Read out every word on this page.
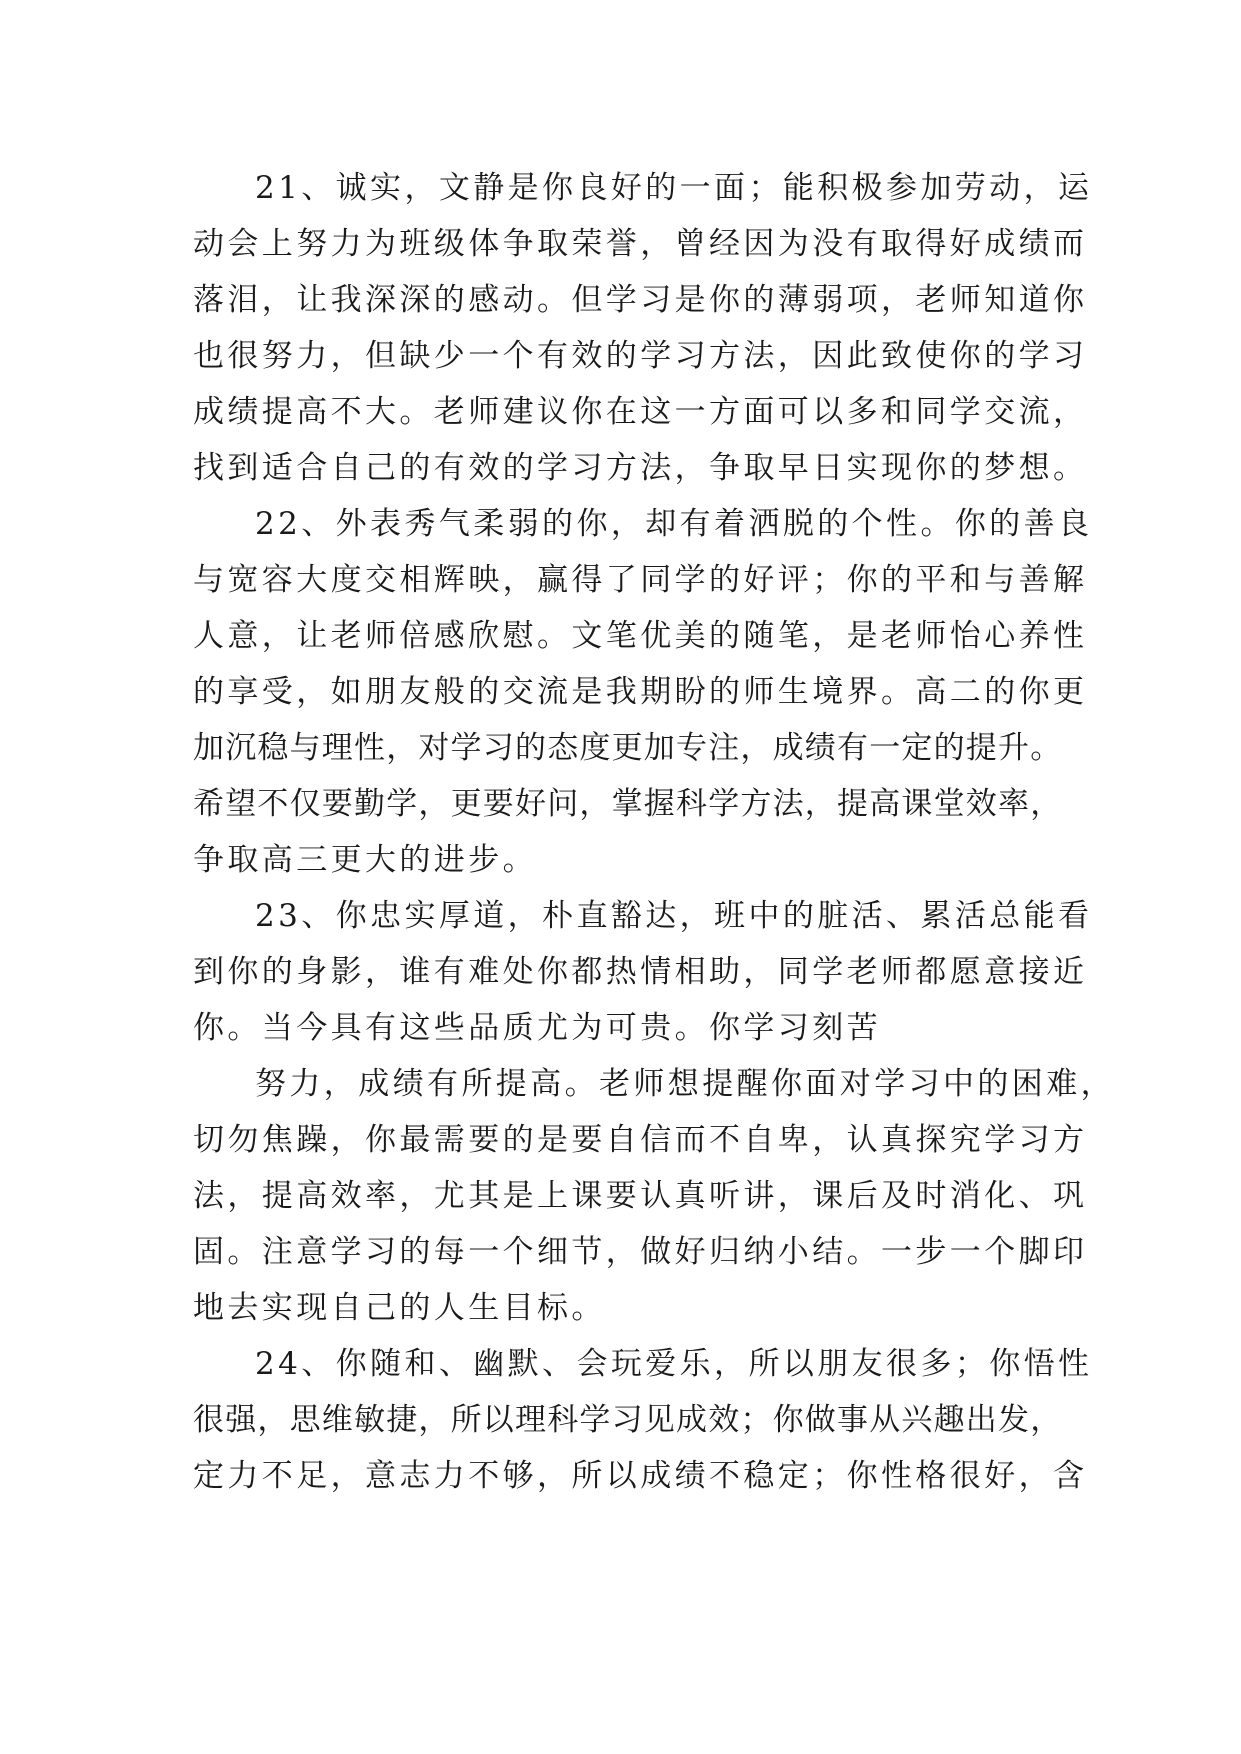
21、诚实，文静是你良好的一面；能积极参加劳动，运
动会上努力为班级体争取荣誉，曾经因为没有取得好成绩而
落泪，让我深深的感动。但学习是你的薄弱项，老师知道你
也很努力，但缺少一个有效的学习方法，因此致使你的学习
成绩提高不大。老师建议你在这一方面可以多和同学交流，
找到适合自己的有效的学习方法，争取早日实现你的梦想。
22、外表秀气柔弱的你，却有着洒脱的个性。你的善良
与宽容大度交相辉映，赢得了同学的好评；你的平和与善解
人意，让老师倍感欣慰。文笔优美的随笔，是老师怡心养性
的享受，如朋友般的交流是我期盼的师生境界。高二的你更
加沉稳与理性，对学习的态度更加专注，成绩有一定的提升。
希望不仅要勤学，更要好问，掌握科学方法，提高课堂效率，
争取高三更大的进步。
23、你忠实厚道，朴直豁达，班中的脏活、累活总能看
到你的身影，谁有难处你都热情相助，同学老师都愿意接近
你。当今具有这些品质尤为可贵。你学习刻苦
努力，成绩有所提高。老师想提醒你面对学习中的困难，
切勿焦躁，你最需要的是要自信而不自卑，认真探究学习方
法，提高效率，尤其是上课要认真听讲，课后及时消化、巩
固。注意学习的每一个细节，做好归纳小结。一步一个脚印
地去实现自己的人生目标。
24、你随和、幽默、会玩爱乐，所以朋友很多；你悟性
很强，思维敏捷，所以理科学习见成效；你做事从兴趣出发，
定力不足，意志力不够，所以成绩不稳定；你性格很好，含
